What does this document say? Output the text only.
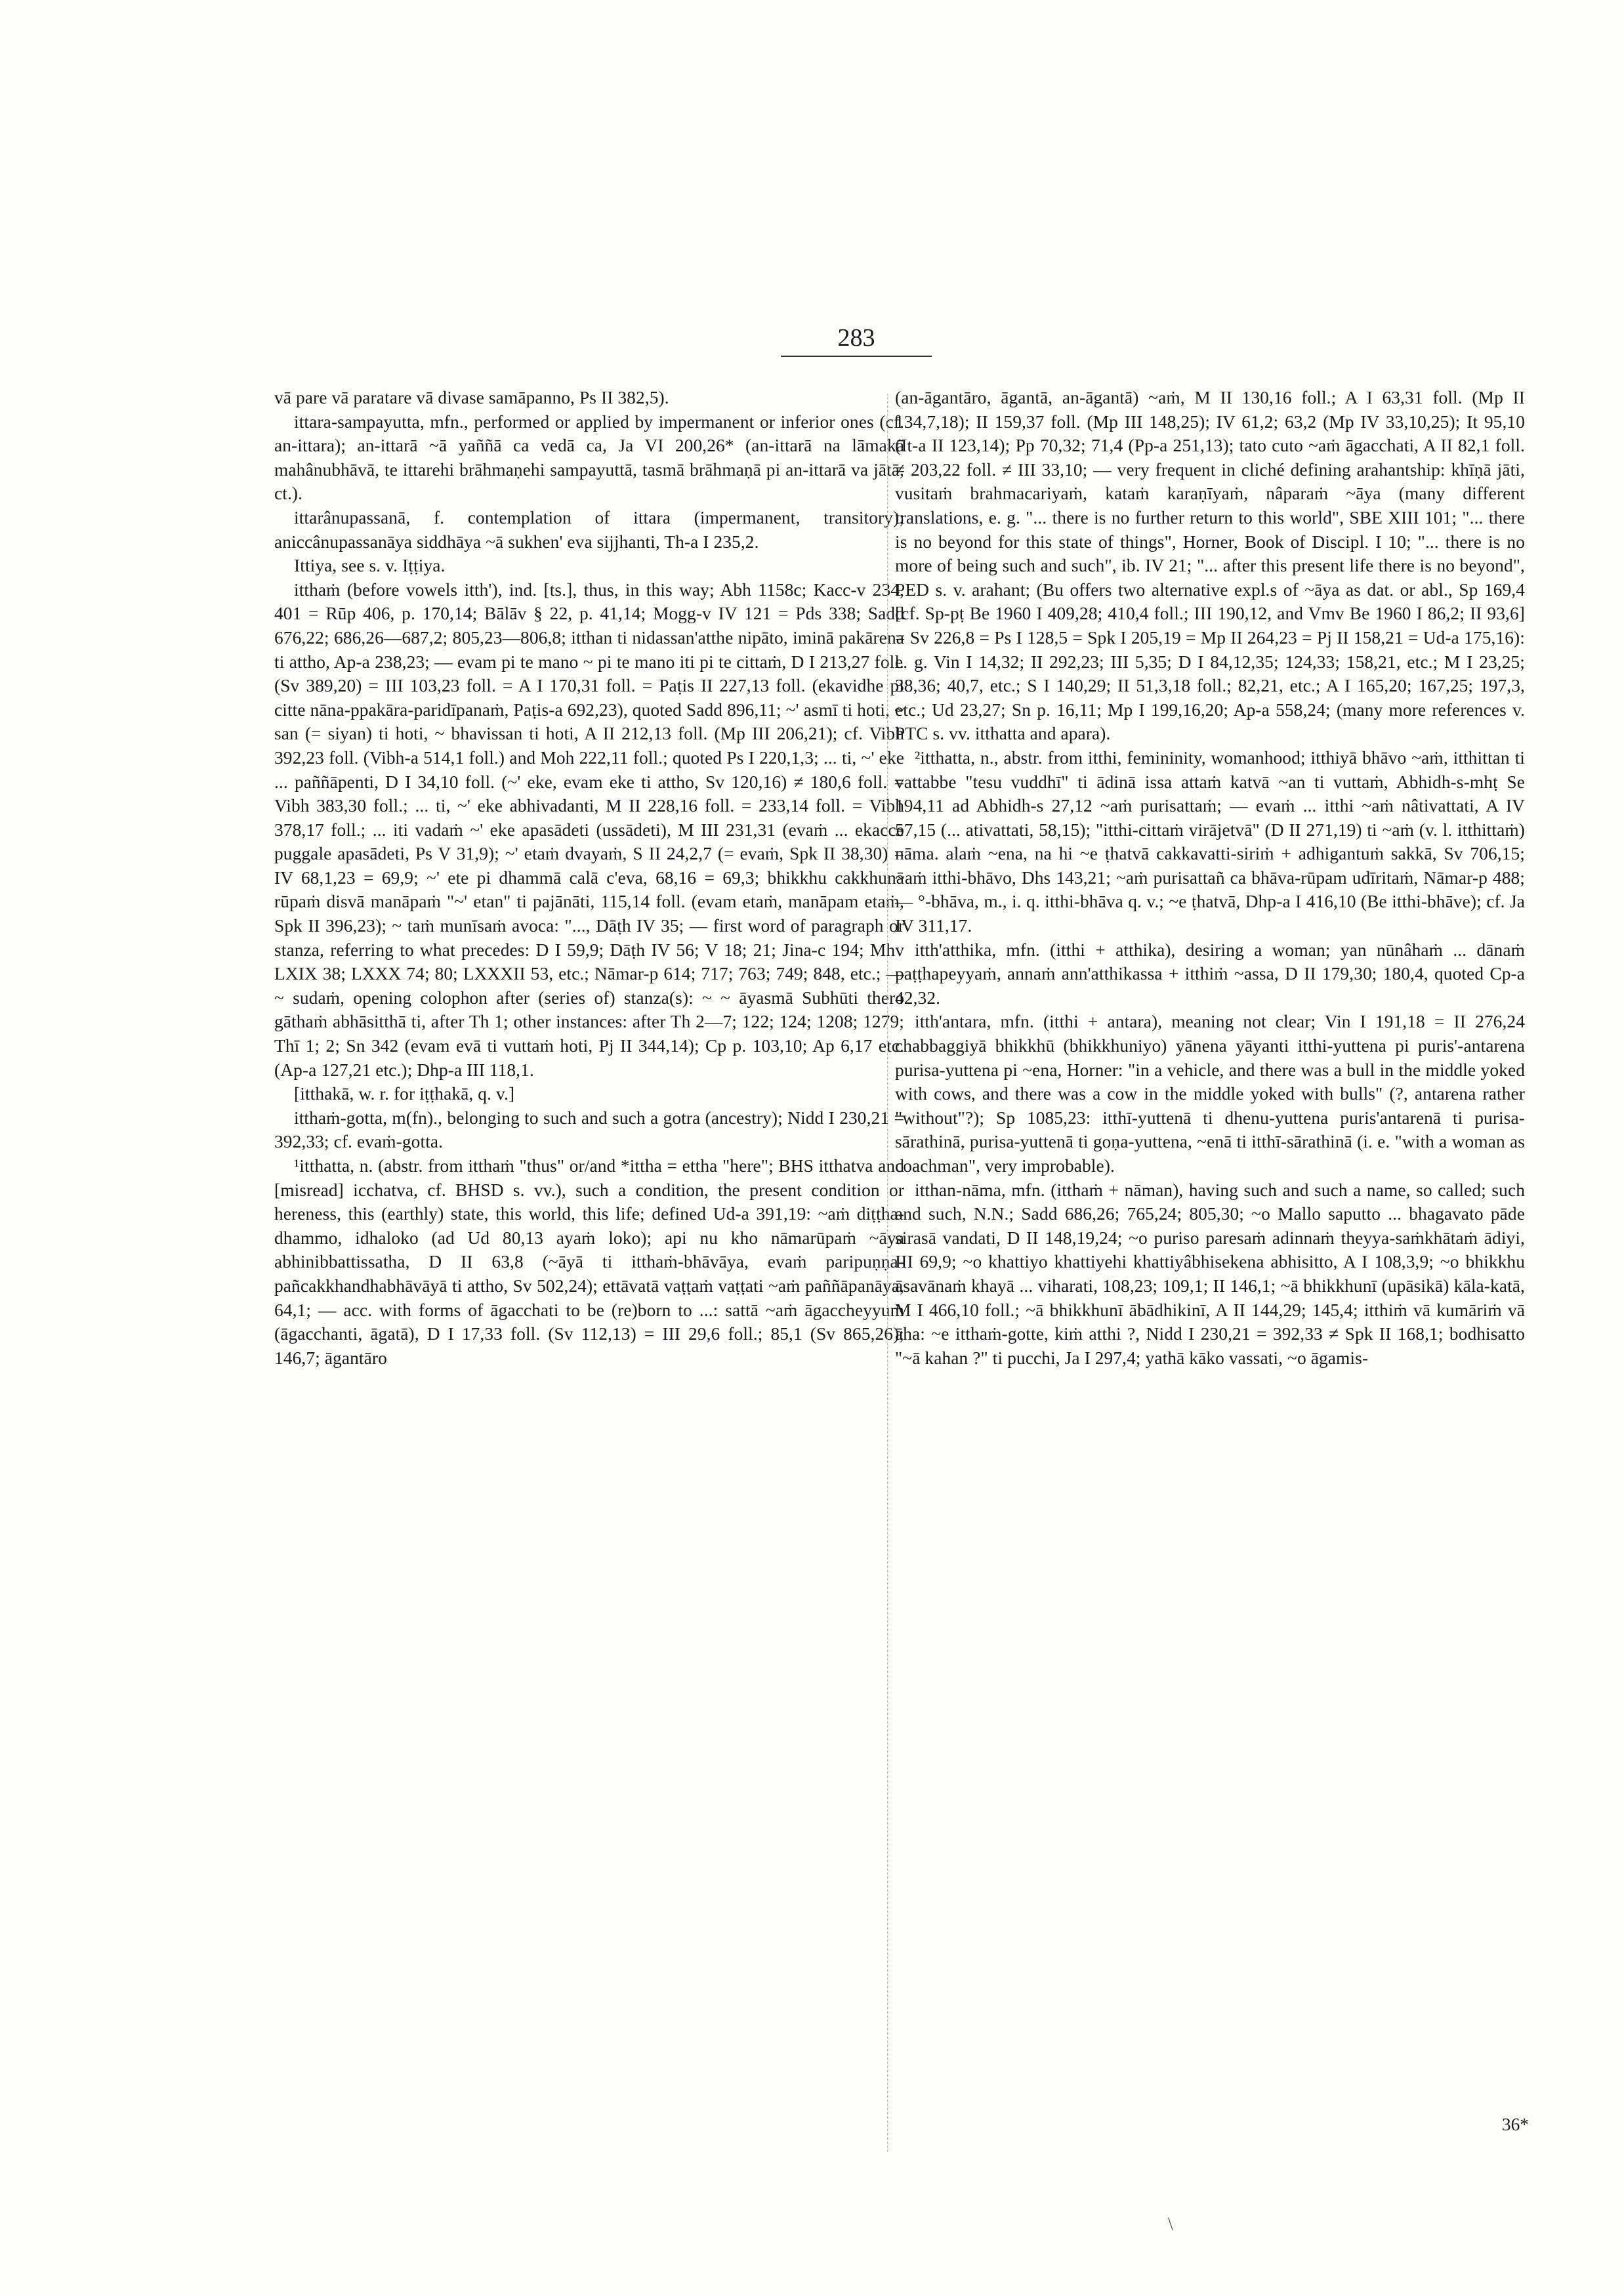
283

vā pare vā paratare vā divase samāpanno, Ps II 382,5).

ittara-sampayutta, mfn., performed or applied by impermanent or inferior ones (cf. an-ittara); an-ittarā ~ā yaññā ca vedā ca, Ja VI 200,26* (an-ittarā na lāmakā mahânubhāvā, te ittarehi brāhmaṇehi sampayuttā, tasmā brāhmaṇā pi an-ittarā va jātā, ct.).

ittarânupassanā, f. contemplation of ittara (impermanent, transitory); aniccânupassanāya siddhāya ~ā sukhen' eva sijjhanti, Th-a I 235,2.

Ittiya, see s. v. Iṭṭiya.

itthaṁ (before vowels itth'), ind. [ts.], thus, in this way; Abh 1158c; Kacc-v 234, 401 = Rūp 406, p. 170,14; Bālāv § 22, p. 41,14; Mogg-v IV 121 = Pds 338; Sadd 676,22; 686,26—687,2; 805,23—806,8; itthan ti nidassan'atthe nipāto, iminā pakārena ti attho, Ap-a 238,23; — evam pi te mano ~ pi te mano iti pi te cittaṁ, D I 213,27 foll. (Sv 389,20) = III 103,23 foll. = A I 170,31 foll. = Paṭis II 227,13 foll. (ekavidhe pi citte nāna-ppakāra-paridīpanaṁ, Paṭis-a 692,23), quoted Sadd 896,11; ~' asmī ti hoti, ~ san (= siyan) ti hoti, ~ bhavissan ti hoti, A II 212,13 foll. (Mp III 206,21); cf. Vibh 392,23 foll. (Vibh-a 514,1 foll.) and Moh 222,11 foll.; quoted Ps I 220,1,3; ... ti, ~' eke ... paññāpenti, D I 34,10 foll. (~' eke, evam eke ti attho, Sv 120,16) ≠ 180,6 foll. = Vibh 383,30 foll.; ... ti, ~' eke abhivadanti, M II 228,16 foll. = 233,14 foll. = Vibh 378,17 foll.; ... iti vadaṁ ~' eke apasādeti (ussādeti), M III 231,31 (evaṁ ... ekacce puggale apasādeti, Ps V 31,9); ~' etaṁ dvayaṁ, S II 24,2,7 (= evaṁ, Spk II 38,30) = IV 68,1,23 = 69,9; ~' ete pi dhammā calā c'eva, 68,16 = 69,3; bhikkhu cakkhunā rūpaṁ disvā manāpaṁ "~' etan" ti pajānāti, 115,14 foll. (evam etaṁ, manāpam etaṁ, Spk II 396,23); ~ taṁ munīsaṁ avoca: "..., Dāṭh IV 35; — first word of paragraph or stanza, referring to what precedes: D I 59,9; Dāṭh IV 56; V 18; 21; Jina-c 194; Mhv LXIX 38; LXXX 74; 80; LXXXII 53, etc.; Nāmar-p 614; 717; 763; 749; 848, etc.; — ~ sudaṁ, opening colophon after (series of) stanza(s): ~ ~ āyasmā Subhūti thero gāthaṁ abhāsitthā ti, after Th 1; other instances: after Th 2—7; 122; 124; 1208; 1279; Thī 1; 2; Sn 342 (evam evā ti vuttaṁ hoti, Pj II 344,14); Cp p. 103,10; Ap 6,17 etc. (Ap-a 127,21 etc.); Dhp-a III 118,1.

[itthakā, w. r. for iṭṭhakā, q. v.]

itthaṁ-gotta, m(fn)., belonging to such and such a gotra (ancestry); Nidd I 230,21 = 392,33; cf. evaṁ-gotta.

¹itthatta, n. (abstr. from itthaṁ "thus" or/and *ittha = ettha "here"; BHS itthatva and [misread] icchatva, cf. BHSD s. vv.), such a condition, the present condition or hereness, this (earthly) state, this world, this life; defined Ud-a 391,19: ~aṁ diṭṭha-dhammo, idhaloko (ad Ud 80,13 ayaṁ loko); api nu kho nāmarūpaṁ ~āya abhinibbattissatha, D II 63,8 (~āyā ti itthaṁ-bhāvāya, evaṁ paripuṇṇa-pañcakkhandhabhāvāyā ti attho, Sv 502,24); ettāvatā vaṭṭaṁ vaṭṭati ~aṁ paññāpanāya, 64,1; — acc. with forms of āgacchati to be (re)born to ...: sattā ~aṁ āgaccheyyuṁ (āgacchanti, āgatā), D I 17,33 foll. (Sv 112,13) = III 29,6 foll.; 85,1 (Sv 865,26); 146,7; āgantāro

(an-āgantāro, āgantā, an-āgantā) ~aṁ, M II 130,16 foll.; A I 63,31 foll. (Mp II 134,7,18); II 159,37 foll. (Mp III 148,25); IV 61,2; 63,2 (Mp IV 33,10,25); It 95,10 (It-a II 123,14); Pp 70,32; 71,4 (Pp-a 251,13); tato cuto ~aṁ āgacchati, A II 82,1 foll. ≠ 203,22 foll. ≠ III 33,10; — very frequent in cliché defining arahantship: khīṇā jāti, vusitaṁ brahmacariyaṁ, kataṁ karaṇīyaṁ, nâparaṁ ~āya (many different translations, e. g. "... there is no further return to this world", SBE XIII 101; "... there is no beyond for this state of things", Horner, Book of Discipl. I 10; "... there is no more of being such and such", ib. IV 21; "... after this present life there is no beyond", PED s. v. arahant; (Bu offers two alternative expl.s of ~āya as dat. or abl., Sp 169,4 [cf. Sp-pṭ Be 1960 I 409,28; 410,4 foll.; III 190,12, and Vmv Be 1960 I 86,2; II 93,6] = Sv 226,8 = Ps I 128,5 = Spk I 205,19 = Mp II 264,23 = Pj II 158,21 = Ud-a 175,16): e. g. Vin I 14,32; II 292,23; III 5,35; D I 84,12,35; 124,33; 158,21, etc.; M I 23,25; 38,36; 40,7, etc.; S I 140,29; II 51,3,18 foll.; 82,21, etc.; A I 165,20; 167,25; 197,3, etc.; Ud 23,27; Sn p. 16,11; Mp I 199,16,20; Ap-a 558,24; (many more references v. PTC s. vv. itthatta and apara).

²itthatta, n., abstr. from itthi, femininity, womanhood; itthiyā bhāvo ~aṁ, itthittan ti vattabbe "tesu vuddhī" ti ādinā issa attaṁ katvā ~an ti vuttaṁ, Abhidh-s-mhṭ Se 194,11 ad Abhidh-s 27,12 ~aṁ purisattaṁ; — evaṁ ... itthi ~aṁ nâtivattati, A IV 57,15 (... ativattati, 58,15); "itthi-cittaṁ virājetvā" (D II 271,19) ti ~aṁ (v. l. itthittaṁ) nāma. alaṁ ~ena, na hi ~e ṭhatvā cakkavatti-siriṁ + adhigantuṁ sakkā, Sv 706,15; ~aṁ itthi-bhāvo, Dhs 143,21; ~aṁ purisattañ ca bhāva-rūpam udīritaṁ, Nāmar-p 488; — °-bhāva, m., i. q. itthi-bhāva q. v.; ~e ṭhatvā, Dhp-a I 416,10 (Be itthi-bhāve); cf. Ja IV 311,17.

itth'atthika, mfn. (itthi + atthika), desiring a woman; yan nūnâhaṁ ... dānaṁ paṭṭhapeyyaṁ, annaṁ ann'atthikassa + itthiṁ ~assa, D II 179,30; 180,4, quoted Cp-a 42,32.

itth'antara, mfn. (itthi + antara), meaning not clear; Vin I 191,18 = II 276,24 chabbaggiyā bhikkhū (bhikkhuniyo) yānena yāyanti itthi-yuttena pi puris'-antarena purisa-yuttena pi ~ena, Horner: "in a vehicle, and there was a bull in the middle yoked with cows, and there was a cow in the middle yoked with bulls" (?, antarena rather "without"?); Sp 1085,23: itthī-yuttenā ti dhenu-yuttena puris'antarenā ti purisa-sārathinā, purisa-yuttenā ti goṇa-yuttena, ~enā ti itthī-sārathinā (i. e. "with a woman as coachman", very improbable).

itthan-nāma, mfn. (itthaṁ + nāman), having such and such a name, so called; such and such, N.N.; Sadd 686,26; 765,24; 805,30; ~o Mallo saputto ... bhagavato pāde sirasā vandati, D II 148,19,24; ~o puriso paresaṁ adinnaṁ theyya-saṁkhātaṁ ādiyi, III 69,9; ~o khattiyo khattiyehi khattiyâbhisekena abhisitto, A I 108,3,9; ~o bhikkhu āsavānaṁ khayā ... viharati, 108,23; 109,1; II 146,1; ~ā bhikkhunī (upāsikā) kāla-katā, M I 466,10 foll.; ~ā bhikkhunī ābādhikinī, A II 144,29; 145,4; itthiṁ vā kumāriṁ vā āha: ~e itthaṁ-gotte, kiṁ atthi ?, Nidd I 230,21 = 392,33 ≠ Spk II 168,1; bodhisatto "~ā kahan ?" ti pucchi, Ja I 297,4; yathā kāko vassati, ~o āgamis-

36*
\
